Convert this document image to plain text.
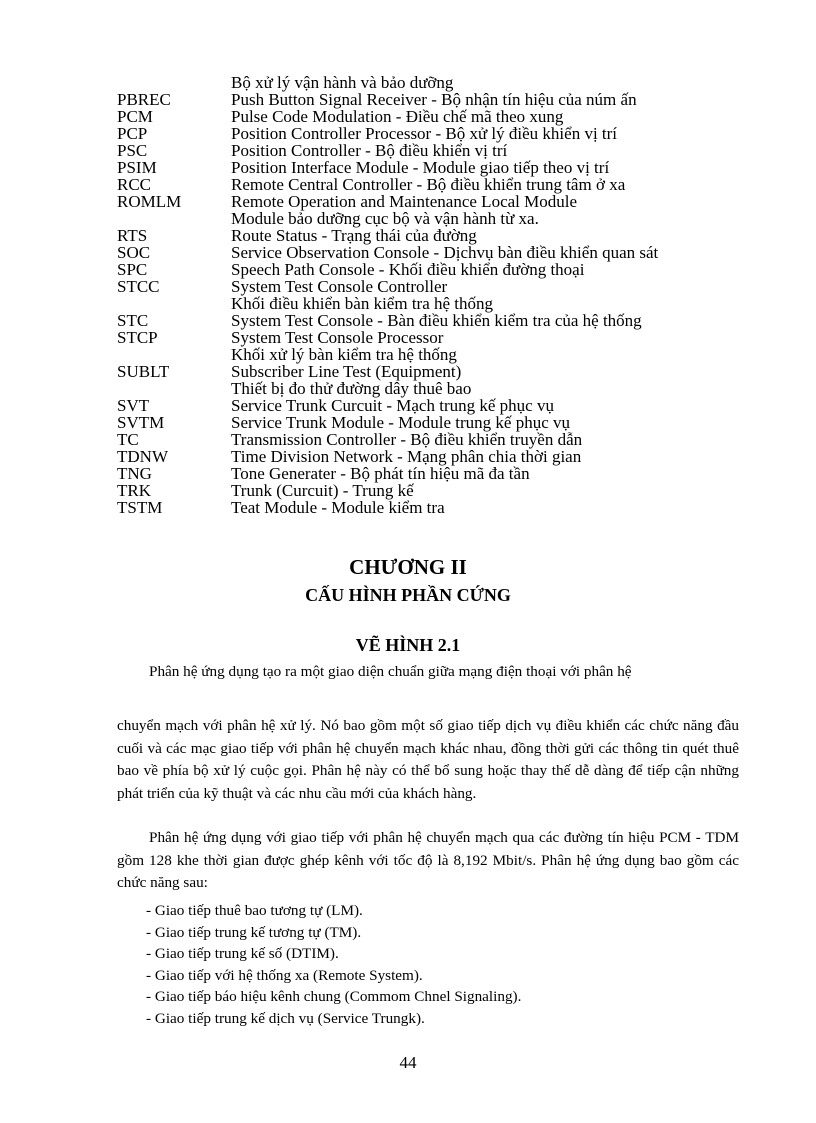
Bộ xử lý vận hành và bảo dưỡng
PBREC	Push Button Signal Receiver - Bộ nhận tín hiệu của núm ấn
PCM	Pulse Code Modulation - Điều chế mã theo xung
PCP	Position Controller Processor - Bộ xử lý điều khiển vị trí
PSC	Position Controller - Bộ điều khiển vị trí
PSIM	Position Interface Module - Module giao tiếp theo vị trí
RCC	Remote Central Controller - Bộ điều khiển trung tâm ở xa
ROMLM	Remote Operation and Maintenance Local Module
Module bảo dưỡng cục bộ và vận hành từ xa.
RTS	Route Status - Trạng thái của đường
SOC	Service Observation Console - Dịchvụ bàn điều khiển quan sát
SPC	Speech Path Console - Khối điều khiển đường thoại
STCC	System Test Console Controller
Khối điều khiển bàn kiểm tra hệ thống
STC	System Test Console - Bàn điều khiển kiểm tra của hệ thống
STCP	System Test Console Processor
Khối xử lý bàn kiểm tra hệ thống
SUBLT	Subscriber Line Test (Equipment)
Thiết bị đo thử đường dây thuê bao
SVT	Service Trunk Curcuit - Mạch trung kế phục vụ
SVTM	Service Trunk Module - Module trung kế phục vụ
TC	Transmission Controller - Bộ điều khiển truyền dẫn
TDNW	Time Division Network - Mạng phân chia thời gian
TNG	Tone Generater - Bộ phát tín hiệu mã đa tần
TRK	Trunk (Curcuit) - Trung kế
TSTM	Teat Module - Module kiểm tra
CHƯƠNG II
CẤU HÌNH PHẦN CỨNG
VẼ HÌNH 2.1

Phân hệ ứng dụng tạo ra một giao diện chuẩn giữa mạng điện thoại với phân hệ

chuyển mạch với phân hệ xử lý. Nó bao gồm một số giao tiếp dịch vụ điều khiển các chức năng đầu cuối và các mạc giao tiếp với phân hệ chuyển mạch khác nhau, đồng thời gửi các thông tin quét thuê bao về phía bộ xử lý cuộc gọi. Phân hệ này có thể bổ sung hoặc thay thế dễ dàng để tiếp cận những phát triển của kỹ thuật và các nhu cầu mới của khách hàng.

Phân hệ ứng dụng với giao tiếp với phân hệ chuyển mạch qua các đường tín hiệu PCM - TDM gồm 128 khe thời gian được ghép kênh với tốc độ là 8,192 Mbit/s. Phân hệ ứng dụng bao gồm các chức năng sau:

- Giao tiếp thuê bao tương tự (LM).
- Giao tiếp trung kế tương tự (TM).
- Giao tiếp trung kế số (DTIM).
- Giao tiếp với hệ thống xa (Remote System).
- Giao tiếp báo hiệu kênh chung (Commom Chnel Signaling).
- Giao tiếp trung kế dịch vụ (Service Trungk).
44
